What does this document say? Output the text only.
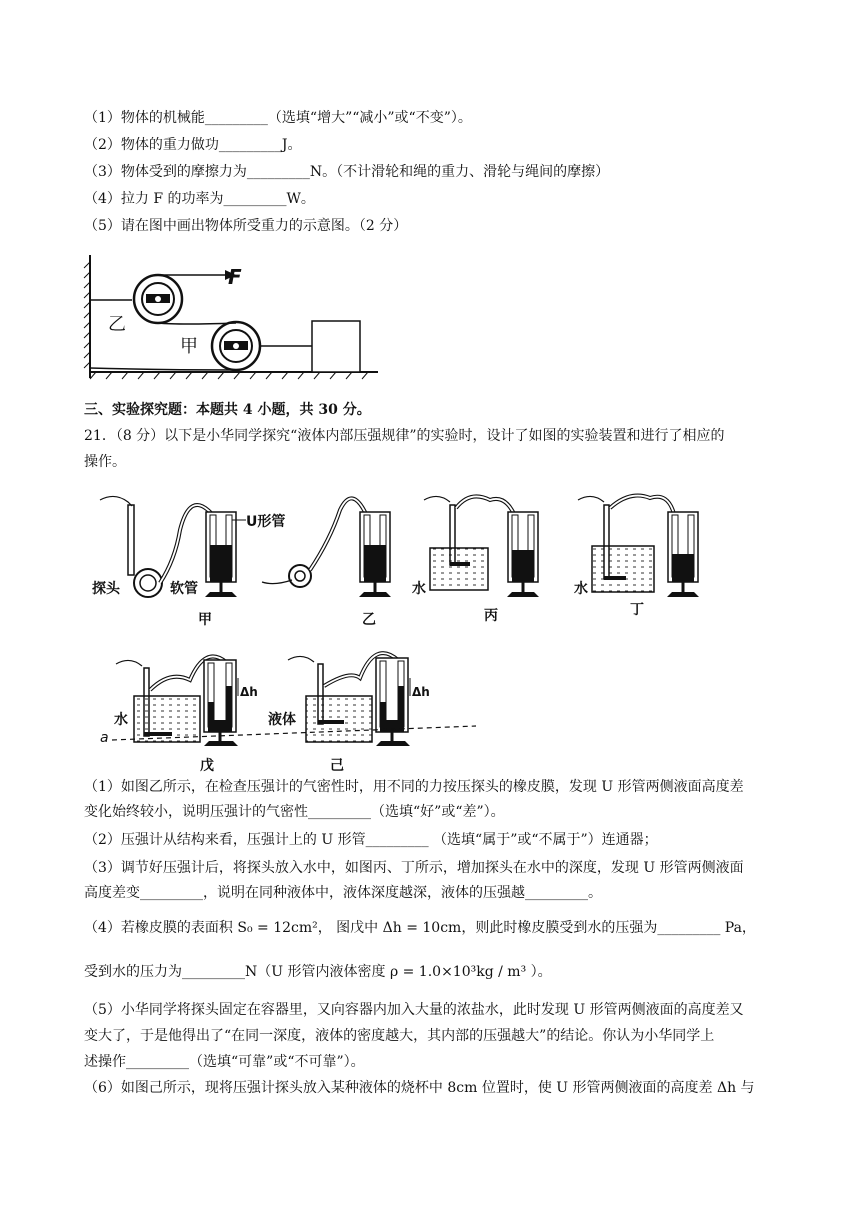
（1）物体的机械能_________（选填“增大”“减小”或“不变”）。
（2）物体的重力做功_________J。
（3）物体受到的摩擦力为_________N。（不计滑轮和绳的重力、滑轮与绳间的摩擦）
（4）拉力 F 的功率为_________W。
（5）请在图中画出物体所受重力的示意图。（2 分）
F
乙
甲
三、实验探究题：本题共 4 小题，共 30 分。
21．（8 分）以下是小华同学探究“液体内部压强规律”的实验时，设计了如图的实验装置和进行了相应的
操作。
U形管
探头	软管
甲	乙
水
丙
水
丁
Δh
水
a
戊
Δh
液体
己
（1）如图乙所示，在检查压强计的气密性时，用不同的力按压探头的橡皮膜，发现 U 形管两侧液面高度差
变化始终较小，说明压强计的气密性_________（选填“好”或“差”）。
（2）压强计从结构来看，压强计上的 U 形管_________ （选填“属于”或“不属于”）连通器；
（3）调节好压强计后，将探头放入水中，如图丙、丁所示，增加探头在水中的深度，发现 U 形管两侧液面
高度差变_________，说明在同种液体中，液体深度越深，液体的压强越_________。
（4）若橡皮膜的表面积 S₀ = 12cm²， 图戊中 Δh = 10cm，则此时橡皮膜受到水的压强为_________ Pa，
受到水的压力为_________N（U 形管内液体密度 ρ = 1.0×10³kg / m³ ）。
（5）小华同学将探头固定在容器里，又向容器内加入大量的浓盐水，此时发现 U 形管两侧液面的高度差又
变大了，于是他得出了“在同一深度，液体的密度越大，其内部的压强越大”的结论。你认为小华同学上
述操作_________（选填“可靠”或“不可靠”）。
（6）如图己所示，现将压强计探头放入某种液体的烧杯中 8cm 位置时，使 U 形管两侧液面的高度差 Δh 与
